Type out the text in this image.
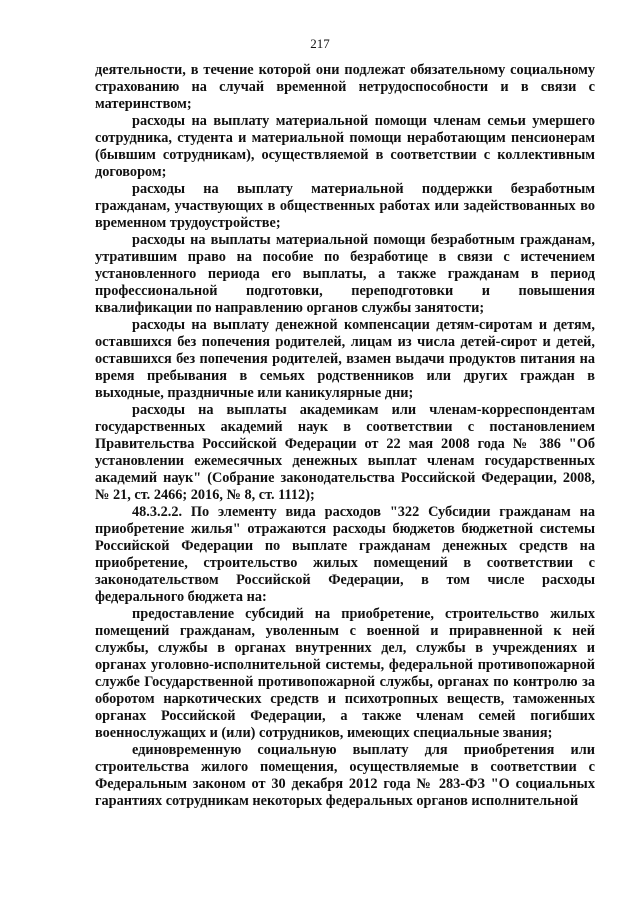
217

деятельности, в течение которой они подлежат обязательному социальному страхованию на случай временной нетрудоспособности и в связи с материнством;

расходы на выплату материальной помощи членам семьи умершего сотрудника, студента и материальной помощи неработающим пенсионерам (бывшим сотрудникам), осуществляемой в соответствии с коллективным договором;

расходы на выплату материальной поддержки безработным гражданам, участвующих в общественных работах или задействованных во временном трудоустройстве;

расходы на выплаты материальной помощи безработным гражданам, утратившим право на пособие по безработице в связи с истечением установленного периода его выплаты, а также гражданам в период профессиональной подготовки, переподготовки и повышения квалификации по направлению органов службы занятости;

расходы на выплату денежной компенсации детям-сиротам и детям, оставшихся без попечения родителей, лицам из числа детей-сирот и детей, оставшихся без попечения родителей, взамен выдачи продуктов питания на время пребывания в семьях родственников или других граждан в выходные, праздничные или каникулярные дни;

расходы на выплаты академикам или членам-корреспондентам государственных академий наук в соответствии с постановлением Правительства Российской Федерации от 22 мая 2008 года № 386 "Об установлении ежемесячных денежных выплат членам государственных академий наук" (Собрание законодательства Российской Федерации, 2008, № 21, ст. 2466; 2016, № 8, ст. 1112);

48.3.2.2. По элементу вида расходов "322 Субсидии гражданам на приобретение жилья" отражаются расходы бюджетов бюджетной системы Российской Федерации по выплате гражданам денежных средств на приобретение, строительство жилых помещений в соответствии с законодательством Российской Федерации, в том числе расходы федерального бюджета на:

предоставление субсидий на приобретение, строительство жилых помещений гражданам, уволенным с военной и приравненной к ней службы, службы в органах внутренних дел, службы в учреждениях и органах уголовно-исполнительной системы, федеральной противопожарной службе Государственной противопожарной службы, органах по контролю за оборотом наркотических средств и психотропных веществ, таможенных органах Российской Федерации, а также членам семей погибших военнослужащих и (или) сотрудников, имеющих специальные звания;

единовременную социальную выплату для приобретения или строительства жилого помещения, осуществляемые в соответствии с Федеральным законом от 30 декабря 2012 года № 283-ФЗ "О социальных гарантиях сотрудникам некоторых федеральных органов исполнительной
